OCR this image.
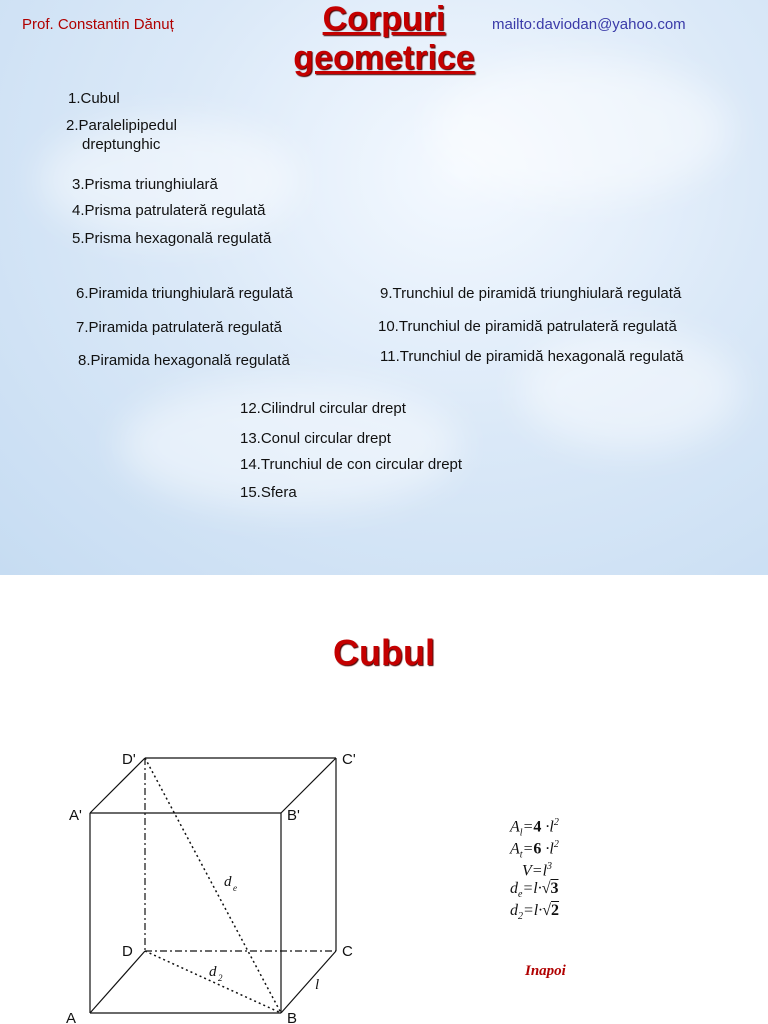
Prof. Constantin Dănuț	Corpuri geometrice
mailto:daviodan@yahoo.com
1.Cubul
2.Paralelipipedul
dreptunghic
3.Prisma triunghiulară
4.Prisma patrulateră regulată
5.Prisma hexagonală regulată
6.Piramida triunghiulară regulată
7.Piramida patrulateră regulată
8.Piramida hexagonală regulată
9.Trunchiul de piramidă triunghiulară regulată
10.Trunchiul de piramidă patrulateră regulată
11.Trunchiul de piramidă hexagonală regulată
12.Cilindrul circular drept
13.Conul circular drept
14.Trunchiul de con circular drept
15.Sfera
Cubul
D'	C'
A'	B'
D	C
A	B
d e
d 2	l
$A_l=4 \cdot l^2$
$A_t=6 \cdot l^2$
$V=l^3$
$d_e=l\cdot√3$
$d_2=l\cdot√2$
Inapoi
